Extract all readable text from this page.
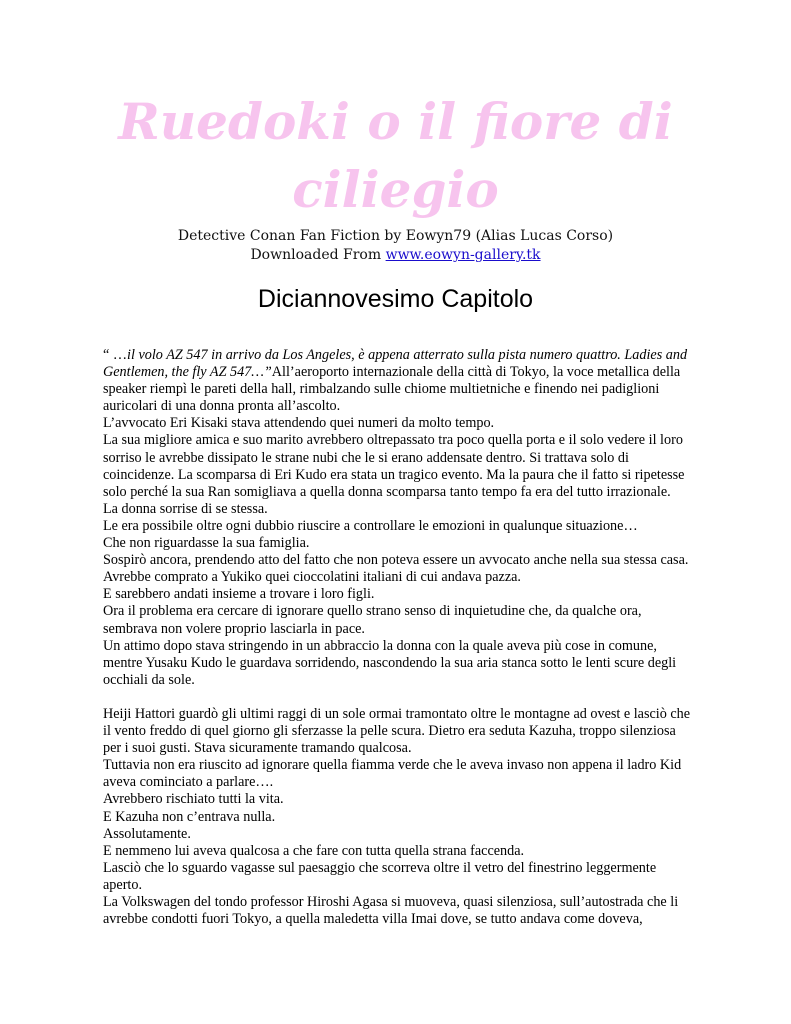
Ruedoki o il fiore di
ciliegio
Detective Conan Fan Fiction by Eowyn79 (Alias Lucas Corso)
Downloaded From www.eowyn-gallery.tk
Diciannovesimo Capitolo

“ …il volo AZ 547 in arrivo da Los Angeles, è appena atterrato sulla pista numero quattro. Ladies and Gentlemen, the fly AZ 547…”All’aeroporto internazionale della città di Tokyo, la voce metallica della speaker riempì le pareti della hall, rimbalzando sulle chiome multietniche e finendo nei padiglioni auricolari di una donna pronta all’ascolto.

L’avvocato Eri Kisaki stava attendendo quei numeri da molto tempo.

La sua migliore amica e suo marito avrebbero oltrepassato tra poco quella porta e il solo vedere il loro sorriso le avrebbe dissipato le strane nubi che le si erano addensate dentro. Si trattava solo di coincidenze. La scomparsa di Eri Kudo era stata un tragico evento. Ma la paura che il fatto si ripetesse solo perché la sua Ran somigliava a quella donna scomparsa tanto tempo fa era del tutto irrazionale.

La donna sorrise di se stessa.

Le era possibile oltre ogni dubbio riuscire a controllare le emozioni in qualunque situazione…

Che non riguardasse la sua famiglia.

Sospirò ancora, prendendo atto del fatto che non poteva essere un avvocato anche nella sua stessa casa.

Avrebbe comprato a Yukiko quei cioccolatini italiani di cui andava pazza.

E sarebbero andati insieme a trovare i loro figli.

Ora il problema era cercare di ignorare quello strano senso di inquietudine che, da qualche ora, sembrava non volere proprio lasciarla in pace.

Un attimo dopo stava stringendo in un abbraccio la donna con la quale aveva più cose in comune, mentre Yusaku Kudo le guardava sorridendo, nascondendo la sua aria stanca sotto le lenti scure degli occhiali da sole.

Heiji Hattori guardò gli ultimi raggi di un sole ormai tramontato oltre le montagne ad ovest e lasciò che il vento freddo di quel giorno gli sferzasse la pelle scura. Dietro era seduta Kazuha, troppo silenziosa per i suoi gusti. Stava sicuramente tramando qualcosa.

Tuttavia non era riuscito ad ignorare quella fiamma verde che le aveva invaso non appena il ladro Kid aveva cominciato a parlare….

Avrebbero rischiato tutti la vita.

E Kazuha non c’entrava nulla.

Assolutamente.

E nemmeno lui aveva qualcosa a che fare con tutta quella strana faccenda.

Lasciò che lo sguardo vagasse sul paesaggio che scorreva oltre il vetro del finestrino leggermente aperto.

La Volkswagen del tondo professor Hiroshi Agasa si muoveva, quasi silenziosa, sull’autostrada che li avrebbe condotti fuori Tokyo, a quella maledetta villa Imai dove, se tutto andava come doveva,
